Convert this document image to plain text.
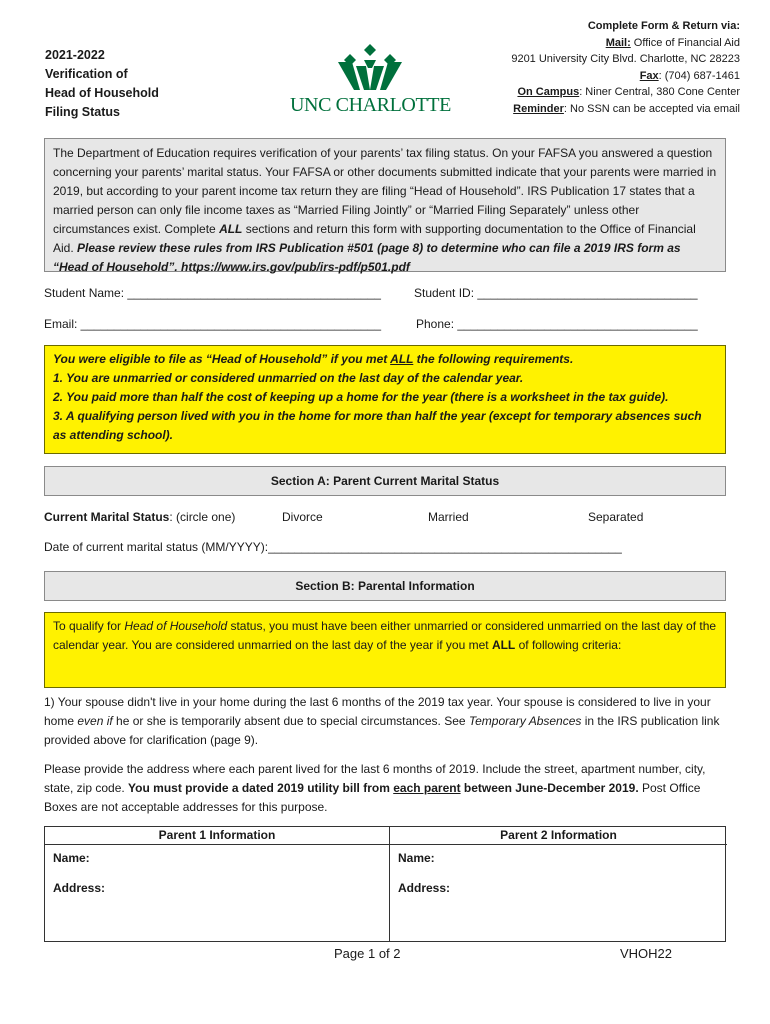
2021-2022
Verification of
Head of Household
Filing Status	UNC CHARLOTTE
Complete Form & Return via:
Mail: Office of Financial Aid
9201 University City Blvd. Charlotte, NC 28223
Fax: (704) 687-1461
On Campus: Niner Central, 380 Cone Center
Reminder: No SSN can be accepted via email
The Department of Education requires verification of your parents’ tax filing status. On your FAFSA you answered a question concerning your parents’ marital status. Your FAFSA or other documents submitted indicate that your parents were married in 2019, but according to your parent income tax return they are filing “Head of Household”. IRS Publication 17 states that a married person can only file income taxes as “Married Filing Jointly” or “Married Filing Separately” unless other circumstances exist. Complete ALL sections and return this form with supporting documentation to the Office of Financial Aid. Please review these rules from IRS Publication #501 (page 8) to determine who can file a 2019 IRS form as “Head of Household”. https://www.irs.gov/pub/irs-pdf/p501.pdf
Student Name: ______________________________________	Student ID: _________________________________
Email: _____________________________________________	Phone: ____________________________________
You were eligible to file as “Head of Household” if you met ALL the following requirements.
1. You are unmarried or considered unmarried on the last day of the calendar year.
2. You paid more than half the cost of keeping up a home for the year (there is a worksheet in the tax guide).
3. A qualifying person lived with you in the home for more than half the year (except for temporary absences such as attending school).
Section A: Parent Current Marital Status
Current Marital Status: (circle one)	Divorce	Married	Separated
Date of current marital status (MM/YYYY):_____________________________________________________
Section B: Parental Information
To qualify for Head of Household status, you must have been either unmarried or considered unmarried on the last day of the calendar year. You are considered unmarried on the last day of the year if you met ALL of following criteria:
1) Your spouse didn't live in your home during the last 6 months of the 2019 tax year. Your spouse is considered to live in your home even if he or she is temporarily absent due to special circumstances. See Temporary Absences in the IRS publication link provided above for clarification (page 9).
Please provide the address where each parent lived for the last 6 months of 2019. Include the street, apartment number, city, state, zip code. You must provide a dated 2019 utility bill from each parent between June-December 2019. Post Office Boxes are not acceptable addresses for this purpose.
Parent 1 Information
Name:
Address:
Parent 2 Information
Name:
Address:
Page 1 of 2	VHOH22
